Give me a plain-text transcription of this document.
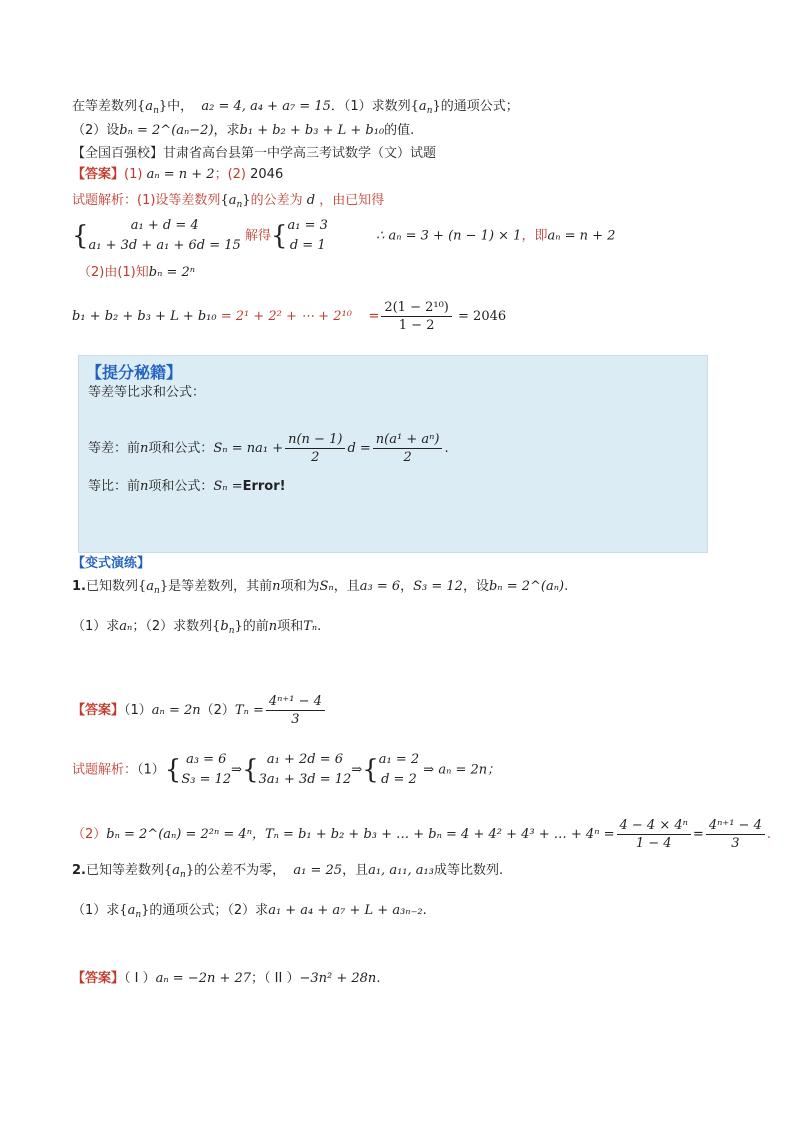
在等差数列$\{a_n\}$中， a₂ = 4, a₄ + a₇ = 15．（1）求数列$\{a_n\}$的通项公式；
（2）设bₙ = 2^(aₙ−2)，求b₁ + b₂ + b₃ + L + b₁₀的值.
【全国百强校】甘肃省高台县第一中学高三考试数学（文）试题
【答案】(1) aₙ = n + 2；(2) 2046
试题解析：(1)设等差数列$\{a_n\}$的公差为 d ，由已知得
{	a₁ + d = 4
a₁ + 3d + a₁ + 6d = 15
解得{ a₁ = 3
d = 1
∴ aₙ = 3 + (n − 1) × 1，即aₙ = n + 2
（2)由(1)知bₙ = 2ⁿ
b₁ + b₂ + b₃ + L + b₁₀ = 2¹ + 2² + ⋯ + $2^{10} = \frac{\text{2(1 − 2¹⁰)}}{1 - 2} = 2046$
【提分秘籍】
等差等比求和公式：
等差：前n项和公式：$S_n = na_1 + \frac{n(n - 1)}{2}$ $d = \frac{\text{n(a¹ + aⁿ)}}{2}$ .
等比：前n项和公式：Sₙ =Error!
【变式演练】
1.已知数列$\{a_n\}$是等差数列，其前n项和为Sₙ，且a₃ = 6，S₃ = 12，设bₙ = 2^(aₙ).
（1）求aₙ；（2）求数列$\{b_n\}$的前n项和Tₙ.
【答案】$(1)a_n = 2n(2)T_n = \frac{\text{4ⁿ⁺¹ − 4}}{3}$
试题解析：（1）{ a₃ = 6
S₃ = 12
⇒{ a₁ + 2d = 6
3a₁ + 3d = 12
⇒{ a₁ = 2
d = 2
⇒ aₙ = 2n；
（2）bₙ = 2^(aₙ) = 2²ⁿ = 4ⁿ，Tₙ = b₁ + b₂ + b₃ + … + bₙ = 4 + 4² + 4³ + … + $4^n = \frac{\text{4 − 4 × 4ⁿ}}{1 - 4} = \frac{\text{4ⁿ⁺¹ − 4}}{3}$ .
2.已知等差数列$\{a_n\}$的公差不为零， a₁ = 25，且a₁, a₁₁, a₁₃成等比数列.
（1）求$\{a_n\}$的通项公式；（2）求a₁ + a₄ + a₇ + L + a₃ₙ₋₂.
【答案】（ I ）aₙ = −2n + 27；（ II ）−3n² + 28n.
